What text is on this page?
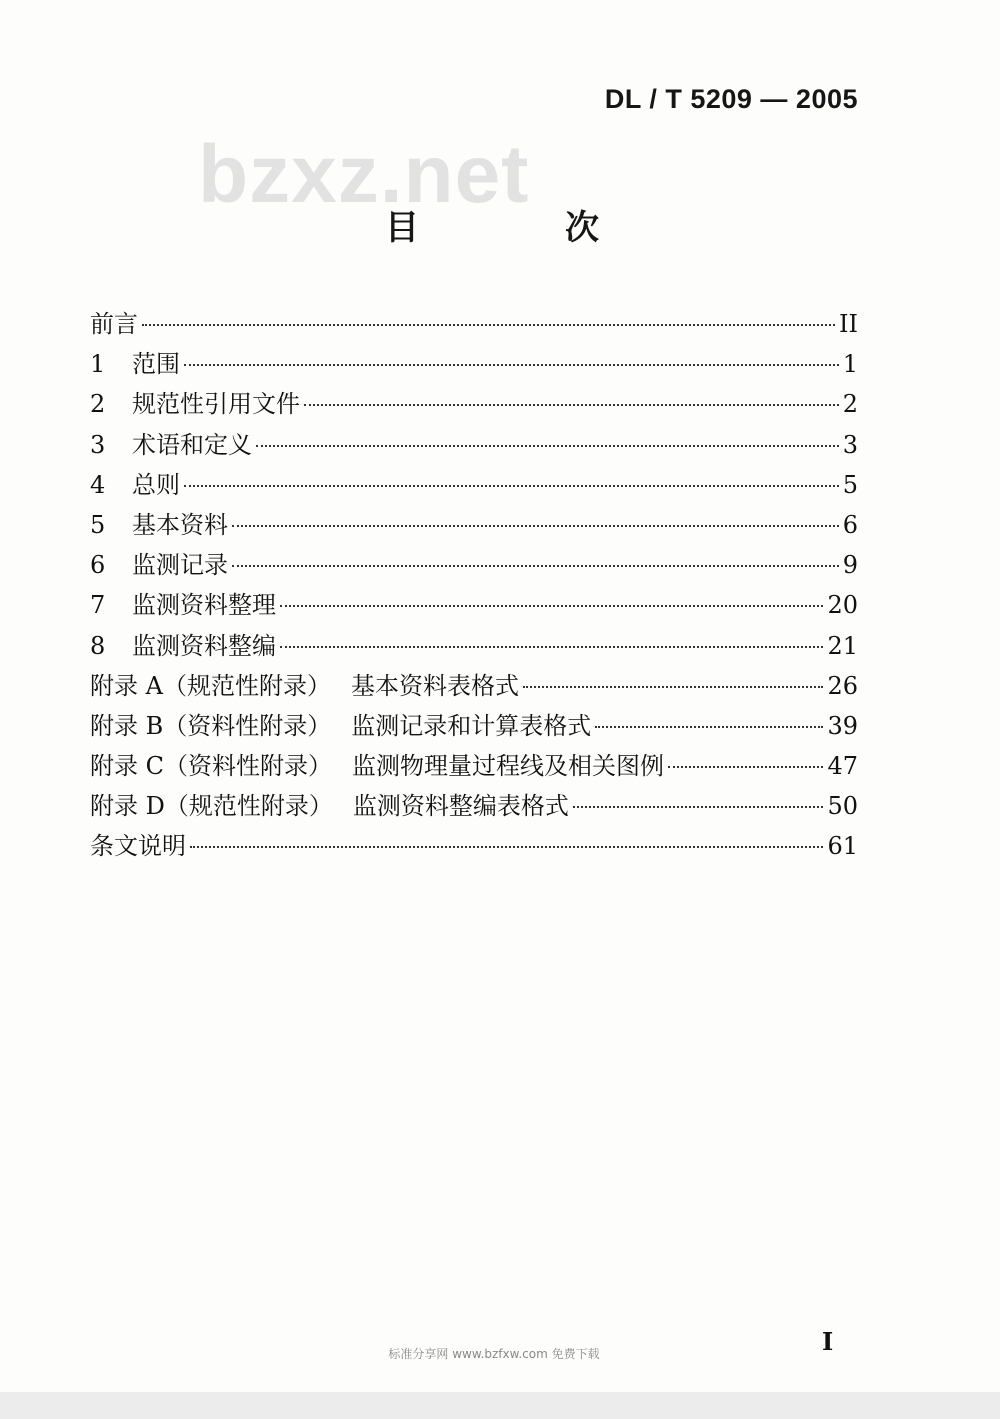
DL / T 5209 — 2005
bzxz.net
目　次
前言	II
1	范围	1
2	规范性引用文件	2
3	术语和定义	3
4	总则	5
5	基本资料	6
6	监测记录	9
7	监测资料整理	20
8	监测资料整编	21
附录 A（规范性附录） 基本资料表格式	26
附录 B（资料性附录） 监测记录和计算表格式	39
附录 C（资料性附录） 监测物理量过程线及相关图例	47
附录 D（规范性附录） 监测资料整编表格式	50
条文说明	61
I
标准分享网 www.bzfxw.com 免费下载
